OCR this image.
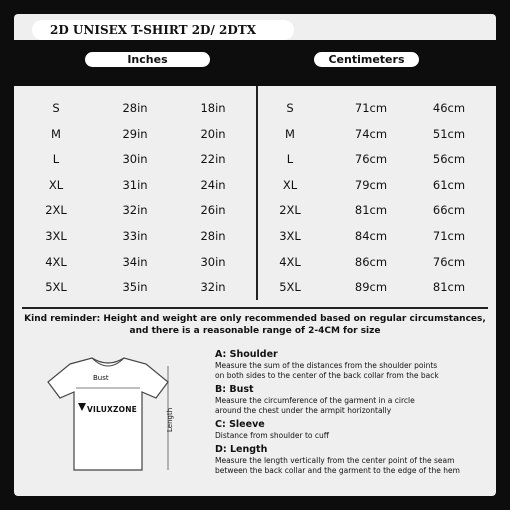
2D UNISEX T-SHIRT 2D/ 2DTX
Inches	Centimeters
S	28in	18in	S	71cm	46cm
M	29in	20in	M	74cm	51cm
L	30in	22in	L	76cm	56cm
XL	31in	24in	XL	79cm	61cm
2XL	32in	26in	2XL	81cm	66cm
3XL	33in	28in	3XL	84cm	71cm
4XL	34in	30in	4XL	86cm	76cm
5XL	35in	32in	5XL	89cm	81cm
Kind reminder: Height and weight are only recommended based on regular circumstances,
and there is a reasonable range of 2-4CM for size
Bust
Length
VILUXZONE
A: Shoulder
Measure the sum of the distances from the shoulder points
on both sides to the center of the back collar from the back
B: Bust
Measure the circumference of the garment in a circle
around the chest under the armpit horizontally
C: Sleeve
Distance from shoulder to cuff
D: Length
Measure the length vertically from the center point of the seam
between the back collar and the garment to the edge of the hem
